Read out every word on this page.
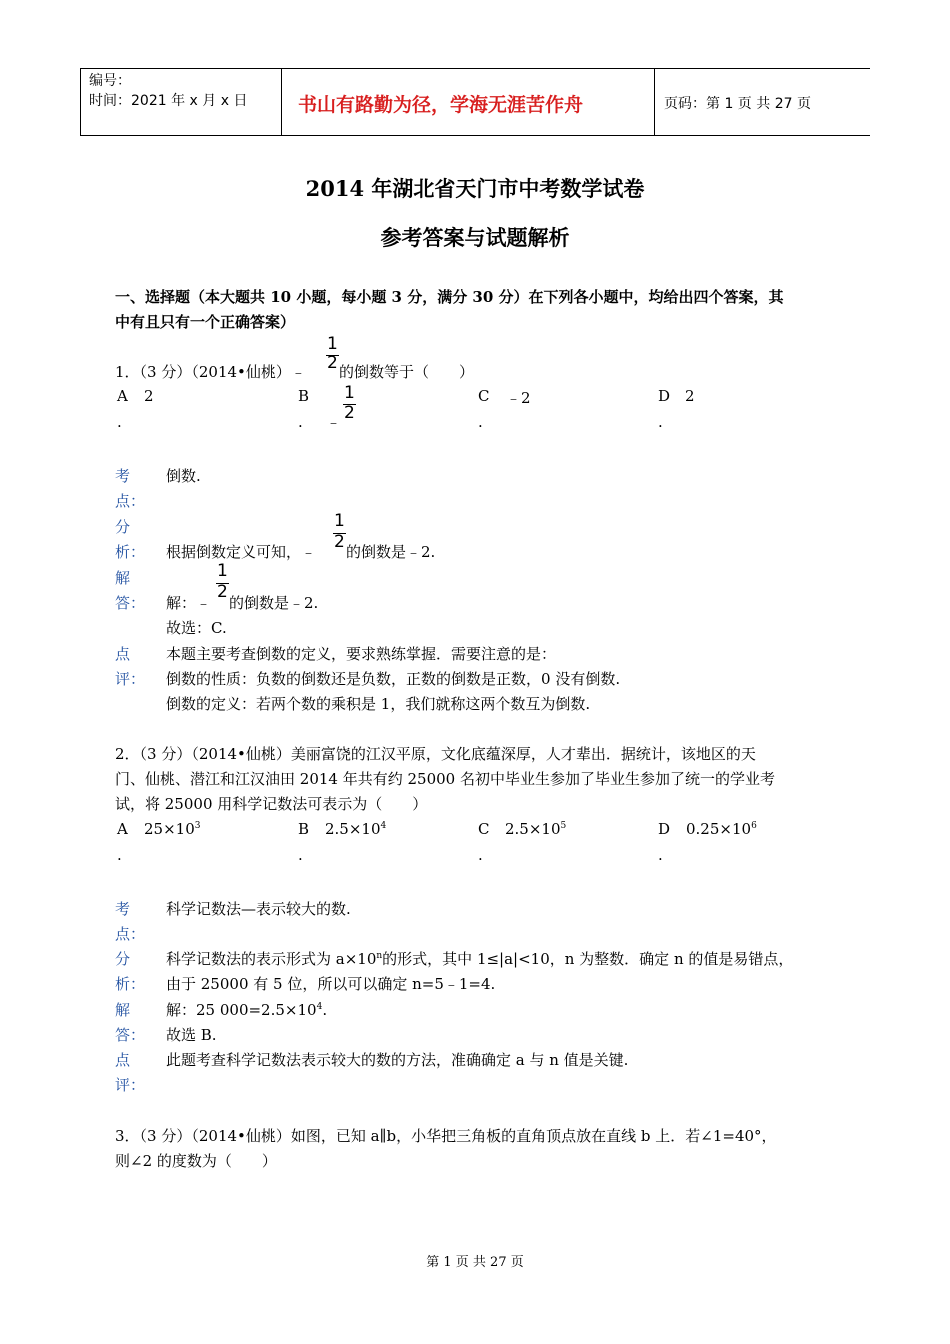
编号：
时间：2021 年 x 月 x 日	书山有路勤为径，学海无涯苦作舟	页码：第 1 页 共 27 页
2014 年湖北省天门市中考数学试卷
参考答案与试题解析
一、选择题（本大题共 10 小题，每小题 3 分，满分 30 分）在下列各小题中，均给出四个答案，其
中有且只有一个正确答案）
1．（3 分）（2014•仙桃）﹣
1
2 的倒数等于（　　）
A 2
.
B
﹣
1
2
.
C ﹣2
.
D 2
.
考
点：
倒数.
分
析： 根据倒数定义可知，﹣
1
2 的倒数是﹣2.
解
答： 解：﹣
1
2
的倒数是﹣2.
故选：C.
点
评：
本题主要考查倒数的定义，要求熟练掌握．需要注意的是：
倒数的性质：负数的倒数还是负数，正数的倒数是正数，0 没有倒数.
倒数的定义：若两个数的乘积是 1，我们就称这两个数互为倒数.
2．（3 分）（2014•仙桃）美丽富饶的江汉平原，文化底蕴深厚，人才辈出．据统计，该地区的天
门、仙桃、潜江和江汉油田 2014 年共有约 25000 名初中毕业生参加了毕业生参加了统一的学业考
试，将 25000 用科学记数法可表示为（　　）
A $25\times 10^3$
.
B $2.5\times 10^4$
.
C $2.5\times 10^5$
.
D $0.25\times 10^6$
.
考
点：
科学记数法—表示较大的数.
分
析：
科学记数法的表示形式为 $a\times 10^n$的形式，其中 1≤|a|<10，n 为整数．确定 n 的值是易错点，
由于 25000 有 5 位，所以可以确定 n=5﹣1=4.
解
答：
解：25 $000=2.5\times 10^4$.
故选 B.
点
评：
此题考查科学记数法表示较大的数的方法，准确确定 a 与 n 值是关键.
3．（3 分）（2014•仙桃）如图，已知 a∥b，小华把三角板的直角顶点放在直线 b 上．若∠1=40°，
则∠2 的度数为（　　）
第 1 页 共 27 页
